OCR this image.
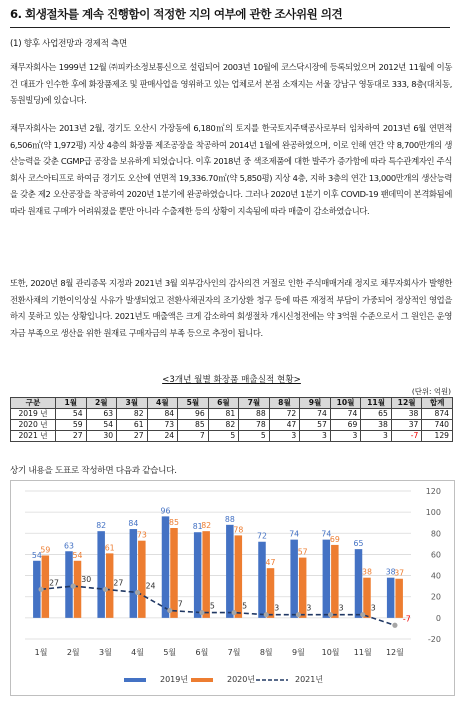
6. 회생절차를 계속 진행함이 적정한 지의 여부에 관한 조사위원 의견
(1) 향후 사업전망과 경제적 측면

채무자회사는 1999년 12월 ㈜피카소정보통신으로 설립되어 2003년 10월에 코스닥시장에 등록되었으며 2012년 11월에 이동건 대표가 인수한 후에 화장품제조 및 판매사업을 영위하고 있는 업체로서 본점 소재지는 서울 강남구 영동대로 333, 8층(대치동, 동원빌딩)에 있습니다.

채무자회사는 2013년 2월, 경기도 오산시 가장동에 6,180㎡의 토지를 한국토지주택공사로부터 임차하여 2013년 6월 연면적 6,506㎡(약 1,972평) 지상 4층의 화장품 제조공장을 착공하여 2014년 1월에 완공하였으며, 이로 인해 연간 약 8,700만개의 생산능력을 갖춘 CGMP급 공장을 보유하게 되었습니다. 이후 2018년 중 색조제품에 대한 발주가 증가함에 따라 특수관계자인 주식회사 코스아티프로 하여금 경기도 오산에 연면적 19,336.70㎡(약 5,850평) 지상 4층, 지하 3층의 연간 13,000만개의 생산능력을 갖춘 제2 오산공장을 착공하여 2020년 1분기에 완공하였습니다. 그러나 2020년 1분기 이후 COVID-19 팬데믹이 본격화됨에 따라 원재료 구매가 어려워졌을 뿐만 아니라 수출제한 등의 상황이 지속됨에 따라 매출이 감소하였습니다.

또한, 2020년 8월 관리종목 지정과 2021년 3월 외부감사인의 감사의견 거절로 인한 주식매매거래 정지로 채무자회사가 발행한 전환사채의 기한이익상실 사유가 발생되었고 전환사채권자의 조기상환 청구 등에 따른 재정적 부담이 가중되어 정상적인 영업을 하지 못하고 있는 상황입니다. 2021년도 매출액은 크게 감소하여 회생절차 개시신청전에는 약 3억원 수준으로서 그 원인은 운영자금 부족으로 생산을 위한 원재료 구매자금의 부족 등으로 추정이 됩니다.

<3개년 월별 화장품 매출실적 현황>
(단위: 억원)
구분	1월	2월	3월	4월	5월	6월	7월	8월	9월	10월	11월	12월	합계
2019 년	54	63	82	84	96	81	88	72	74	74	65	38	874
2020 년	59	54	61	73	85	82	78	47	57	69	38	37	740
2021 년	27	30	27	24	7	5	5	3	3	3	3	-7	129
상기 내용을 도표로 작성하면 다음과 같습니다.
-20
0
20
40
60
80
100
120
54
59
1월
63
54
2월
82
61
3월
84
73
4월
96
85
5월
81
82
6월
88
78
7월
72
47
8월
74
57
9월
74
69
10월
65
38
11월
38
37
12월
27	30	27	24
7	5	5	3	3	3	3
-7
2019년	2020년	2021년
